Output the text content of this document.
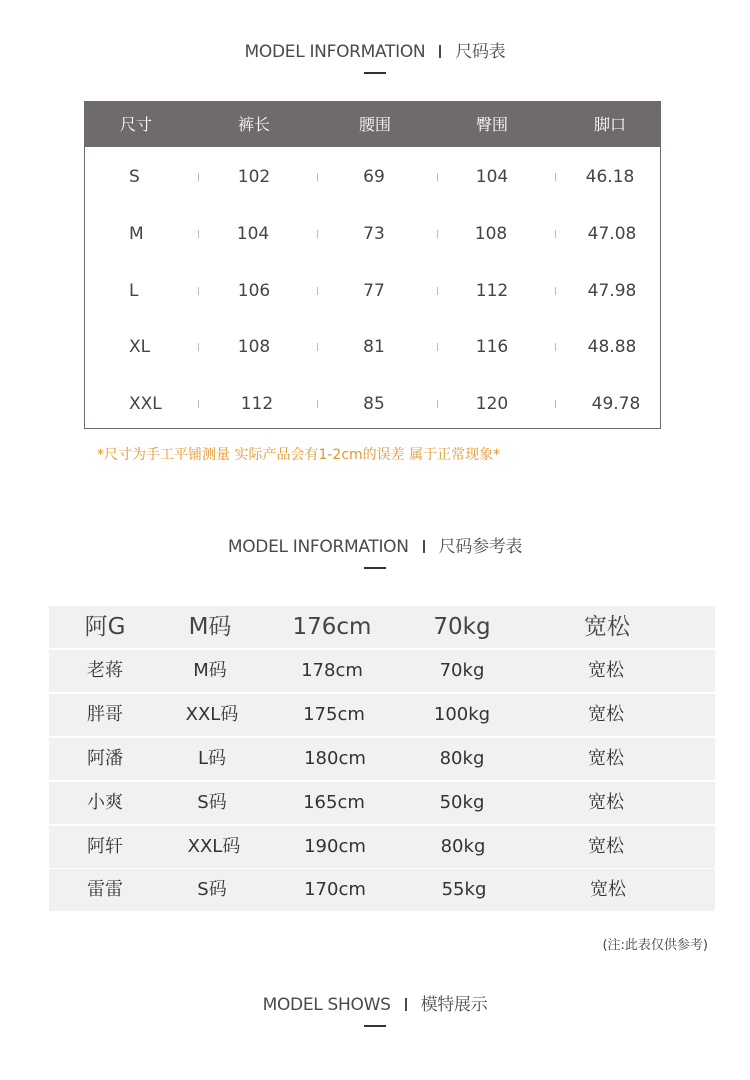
MODEL INFORMATION 尺码表
尺寸	裤长	腰围	臀围	脚口
S	102	69	104	46.18
M	104	73	108	47.08
L	106	77	112	47.98
XL	108	81	116	48.88
XXL	112	85	120	49.78
*尺寸为手工平铺测量 实际产品会有1-2cm的误差 属于正常现象*
MODEL INFORMATION 尺码参考表
阿G	M码	176cm	70kg	宽松
老蒋	M码	178cm	70kg	宽松
胖哥	XXL码	175cm	100kg	宽松
阿潘	L码	180cm	80kg	宽松
小爽	S码	165cm	50kg	宽松
阿轩	XXL码	190cm	80kg	宽松
雷雷	S码	170cm	55kg	宽松
(注:此表仅供参考)
MODEL SHOWS 模特展示
